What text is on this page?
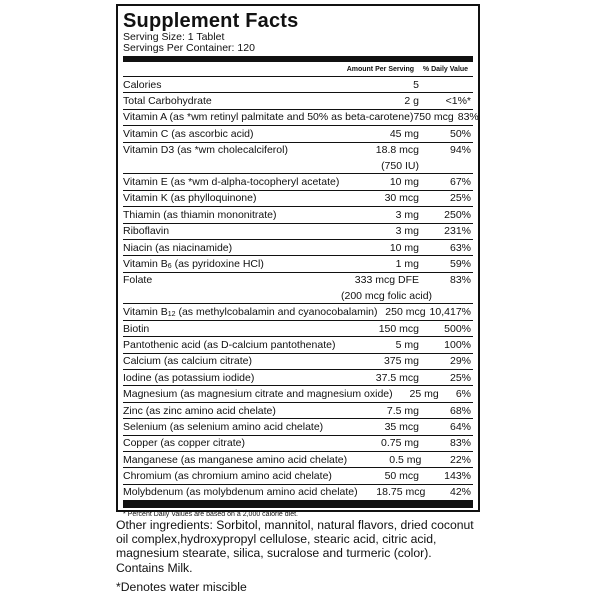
Supplement Facts
Serving Size: 1 Tablet
Servings Per Container: 120
Amount Per Serving	% Daily Value
Calories	5
Total Carbohydrate	2 g	<1%*
Vitamin A (as *wm retinyl palmitate and 50% as beta-carotene) 750 mcg 83%
Vitamin C (as ascorbic acid)	45 mg	50%
Vitamin D3 (as *wm cholecalciferol)	18.8 mcg	94%
(750 IU)
Vitamin E (as *wm d-alpha-tocopheryl acetate)	10 mg	67%
Vitamin K (as phylloquinone)	30 mcg	25%
Thiamin (as thiamin mononitrate)	3 mg	250%
Riboflavin	3 mg	231%
Niacin (as niacinamide)	10 mg	63%
Vitamin $B_6$ (as pyridoxine HCl)	1 mg	59%
Folate	333 mcg DFE	83%
(200 mcg folic acid)
Vitamin $B_{12}$ (as methylcobalamin and cyanocobalamin) 250 mcg 10,417%
Biotin	150 mcg	500%
Pantothenic acid (as D-calcium pantothenate)	5 mg	100%
Calcium (as calcium citrate)	375 mg	29%
Iodine (as potassium iodide)	37.5 mcg	25%
Magnesium (as magnesium citrate and magnesium oxide)	25 mg	6%
Zinc (as zinc amino acid chelate)	7.5 mg	68%
Selenium (as selenium amino acid chelate)	35 mcg	64%
Copper (as copper citrate)	0.75 mg	83%
Manganese (as manganese amino acid chelate)	0.5 mg	22%
Chromium (as chromium amino acid chelate)	50 mcg	143%
Molybdenum (as molybdenum amino acid chelate)	18.75 mcg	42%
* Percent Daily Values are based on a 2,000 calorie diet.

Other ingredients: Sorbitol, mannitol, natural flavors, dried coconut oil complex,hydroxypropyl cellulose, stearic acid, citric acid, magnesium stearate, silica, sucralose and turmeric (color).

Contains Milk.

*Denotes water miscible
